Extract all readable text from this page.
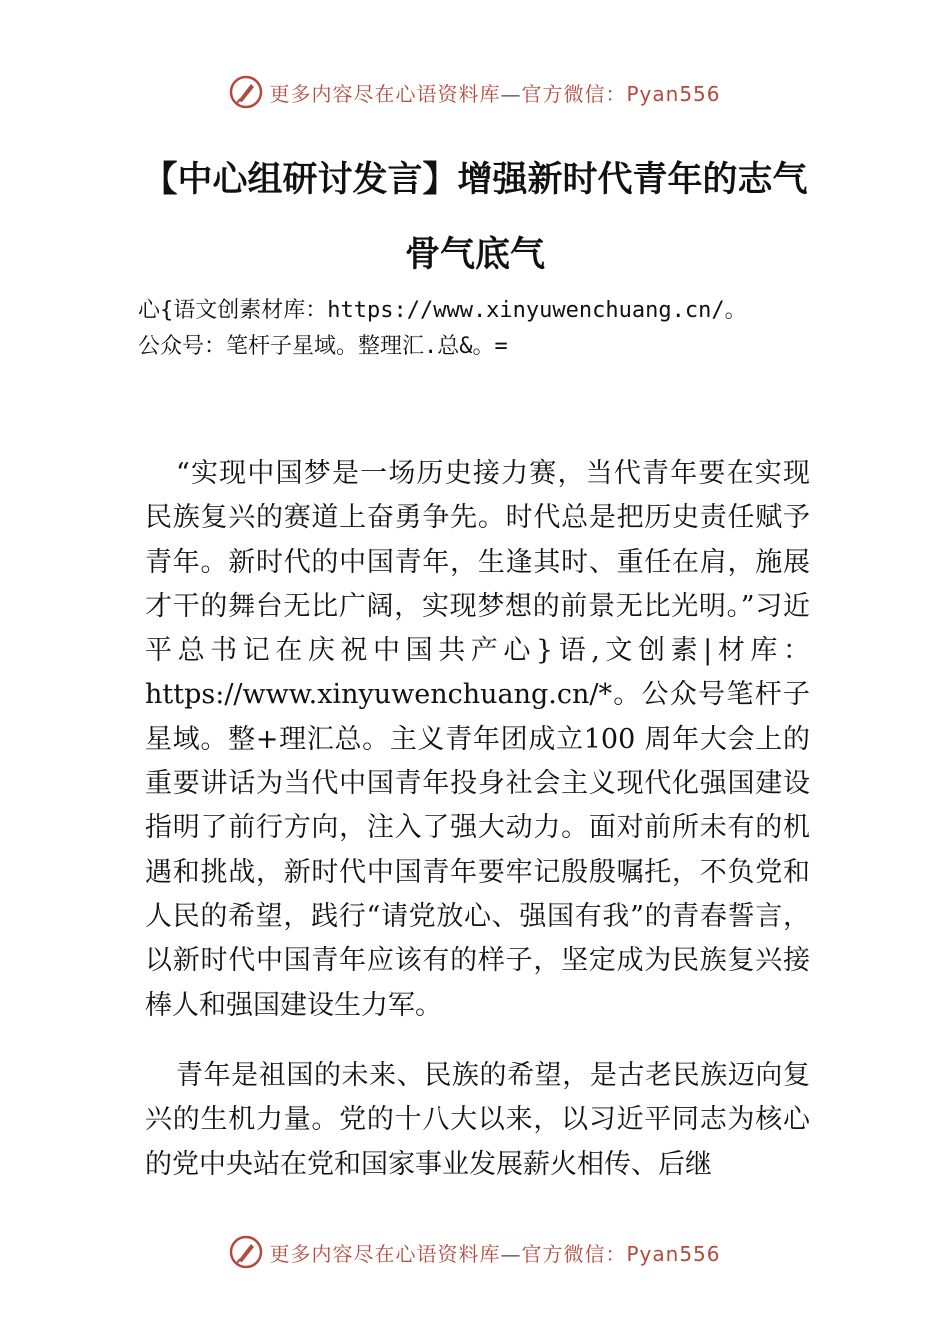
更多内容尽在心语资料库—官方微信：Pyan556
【中心组研讨发言】增强新时代青年的志气
骨气底气
心{语文创素材库：https://www.xinyuwenchuang.cn/。
公众号：笔杆子星域。整理汇.总&。=

“实现中国梦是一场历史接力赛，当代青年要在实现民族复兴的赛道上奋勇争先。时代总是把历史责任赋予青年。新时代的中国青年，生逢其时、重任在肩，施展才干的舞台无比广阔，实现梦想的前景无比光明。”习近平总书记在庆祝中国共产心}语,文创素|材库：https://www.xinyuwenchuang.cn/*。公众号笔杆子星域。整+理汇总。主义青年团成立100 周年大会上的重要讲话为当代中国青年投身社会主义现代化强国建设指明了前行方向，注入了强大动力。面对前所未有的机遇和挑战，新时代中国青年要牢记殷殷嘱托，不负党和人民的希望，践行“请党放心、强国有我”的青春誓言，以新时代中国青年应该有的样子，坚定成为民族复兴接棒人和强国建设生力军。

青年是祖国的未来、民族的希望，是古老民族迈向复兴的生机力量。党的十八大以来，以习近平同志为核心的党中央站在党和国家事业发展薪火相传、后继

更多内容尽在心语资料库—官方微信：Pyan556
